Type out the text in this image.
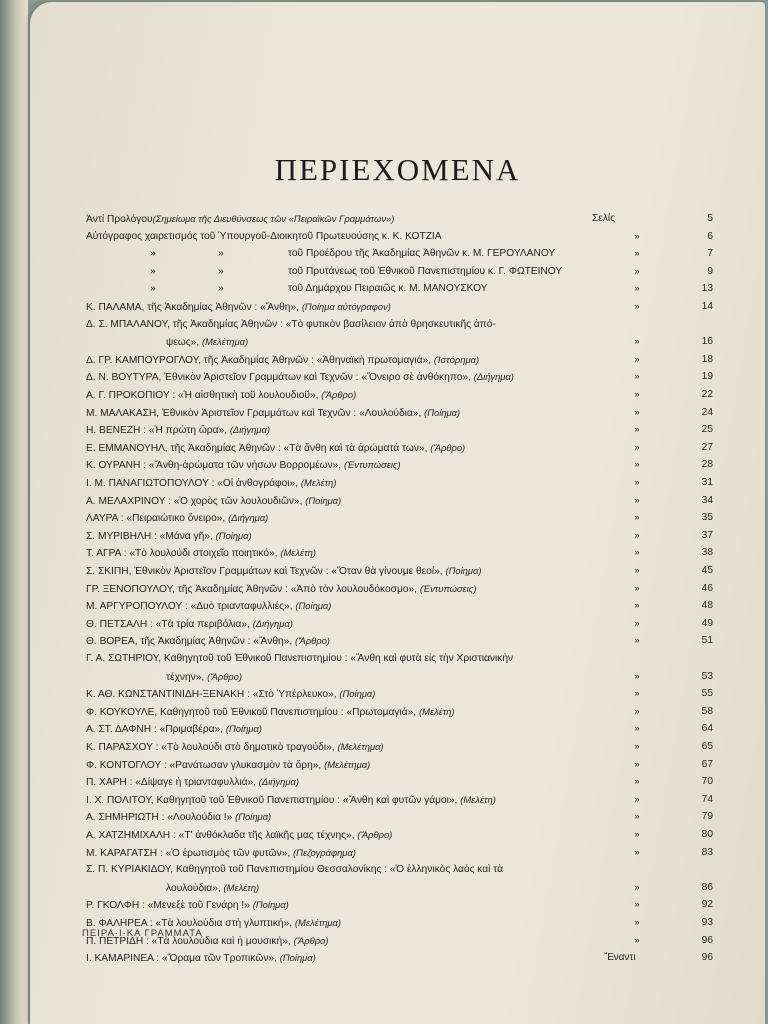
ΠΕΡΙΕΧΟΜΕΝΑ
Σελίς
Ἀντί Προλόγου(Σημείωμα τῆς Διευθύνσεως τῶν «Πειραϊκῶν Γραμμάτων»)	5
Αὐτόγραφος χαιρετισμός τοῦ Ὑπουργοῦ-Διοικητοῦ Πρωτευούσης κ. Κ. ΚΟΤΖΙΑ	»	6
»	»	τοῦ Προέδρου τῆς Ἀκαδημίας Ἀθηνῶν κ. Μ. ΓΕΡΟΥΛΑΝΟΥ	»	7
»	»	τοῦ Πρυτάνεως τοῦ Ἐθνικοῦ Πανεπιστημίου κ. Γ. ΦΩΤΕΙΝΟΥ	»	9
»	»	τοῦ Δημάρχου Πειραιῶς κ. Μ. ΜΑΝΟΥΣΚΟΥ	»	13
Κ. ΠΑΛΑΜΑ, τῆς Ἀκαδημίας Ἀθηνῶν : «Ἄνθη», (Ποίημα αὐτόγραφον)	»	14
Δ. Σ. ΜΠΑΛΑΝΟΥ, τῆς Ἀκαδημίας Ἀθηνῶν : «Τὸ φυτικὸν βασίλειον ἀπὸ θρησκευτικῆς ἀπό-
ψεως», (Μελέτημα)	»	16
Δ. ΓΡ. ΚΑΜΠΟΥΡΟΓΛΟΥ, τῆς Ἀκαδημίας Ἀθηνῶν : «Ἀθηναϊκὴ πρωτομαγιά», (Ἱστόρημα)	»	18
Δ. Ν. ΒΟΥΤΥΡΑ, Ἐθνικὸν Ἀριστεῖον Γραμμάτων καὶ Τεχνῶν : «Ὄνειρο σὲ ἀνθόκηπο», (Διήγημα)	»	19
Α. Γ. ΠΡΟΚΟΠΙΟΥ : «Ἡ αἰσθητικὴ τοῦ λουλουδιοῦ», (Ἄρθρο)	»	22
Μ. ΜΑΛΑΚΑΣΗ, Ἐθνικὸν Ἀριστεῖον Γραμμάτων καὶ Τεχνῶν : «Λουλούδια», (Ποίημα)	»	24
Η. ΒΕΝΕΖΗ : «Ἡ πρώτη ὥρα», (Διήγημα)	»	25
Ε. ΕΜΜΑΝΟΥΗΛ, τῆς Ἀκαδημίας Ἀθηνῶν : «Τὰ ἄνθη καὶ τὰ ἀρώματά των», (Ἄρθρο)	»	27
Κ. ΟΥΡΑΝΗ : «Ἄνθη-ἀρώματα τῶν νήσων Βορρομέων», (Ἐντυπώσεις)	»	28
Ι. Μ. ΠΑΝΑΓΙΩΤΟΠΟΥΛΟΥ : «Οἱ ἀνθογράφοι», (Μελέτη)	»	31
Α. ΜΕΛΑΧΡΙΝΟΥ : «Ὁ χορὸς τῶν λουλουδιῶν», (Ποίημα)	»	34
ΛΑΥΡΑ : «Πειραιώτικο ὄνειρο», (Διήγημα)	»	35
Σ. ΜΥΡΙΒΗΛΗ : «Μάνα γῆ», (Ποίημα)	»	37
Τ. ΑΓΡΑ : «Τὸ λουλούδι στοιχεῖο ποιητικό», (Μελέτη)	»	38
Σ. ΣΚΙΠΗ, Ἐθνικὸν Ἀριστεῖον Γραμμάτων καὶ Τεχνῶν : «Ὅταν θὰ γίνουμε θεοί», (Ποίημα)	»	45
ΓΡ. ΞΕΝΟΠΟΥΛΟΥ, τῆς Ἀκαδημίας Ἀθηνῶν : «Ἀπὸ τὸν λουλουδόκοσμο», (Ἐντυπώσεις)	»	46
Μ. ΑΡΓΥΡΟΠΟΥΛΟΥ : «Δυὸ τριανταφυλλιές», (Ποίημα)	»	48
Θ. ΠΕΤΣΑΛΗ : «Τὰ τρία περιβόλια», (Διήγημα)	»	49
Θ. ΒΟΡΕΑ, τῆς Ἀκαδημίας Ἀθηνῶν : «Ἄνθη», (Ἄρθρο)	»	51
Γ. Α. ΣΩΤΗΡΙΟΥ, Καθηγητοῦ τοῦ Ἐθνικοῦ Πανεπιστημίου : «Ἄνθη καὶ φυτὰ εἰς τὴν Χριστιανικὴν
τέχνην», (Ἄρθρο)	»	53
Κ. ΑΘ. ΚΩΝΣΤΑΝΤΙΝΙΔΗ-ΞΕΝΑΚΗ : «Στὸ Ὑπέρλευκο», (Ποίημα)	»	55
Φ. ΚΟΥΚΟΥΛΕ, Καθηγητοῦ τοῦ Ἐθνικοῦ Πανεπιστημίου : «Πρωτομαγιά», (Μελέτη)	»	58
Α. ΣΤ. ΔΑΦΝΗ : «Πριμαβέρα», (Ποίημα)	»	64
Κ. ΠΑΡΑΣΧΟΥ : «Τὸ λουλούδι στὸ δημοτικὸ τραγούδι», (Μελέτημα)	»	65
Φ. ΚΟΝΤΟΓΛΟΥ : «Ρανάτωσαν γλυκασμὸν τὰ ὄρη», (Μελέτημα)	»	67
Π. ΧΑΡΗ : «Δίψαγε ἡ τριανταφυλλιά», (Διήγημα)	»	70
Ι. Χ. ΠΟΛΙΤΟΥ, Καθηγητοῦ τοῦ Ἐθνικοῦ Πανεπιστημίου : «Ἄνθη καὶ φυτῶν γάμοι», (Μελέτη)	»	74
Α. ΣΗΜΗΡΙΩΤΗ : «Λουλούδια !» (Ποίημα)	»	79
Α. ΧΑΤΖΗΜΙΧΑΛΗ : «Τ' ἀνθόκλαδα τῆς λαϊκῆς μας τέχνης», (Ἄρθρο)	»	80
Μ. ΚΑΡΑΓΑΤΣΗ : «Ὁ ἐρωτισμὸς τῶν φυτῶν», (Πεζογράφημα)	»	83
Σ. Π. ΚΥΡΙΑΚΙΔΟΥ, Καθηγητοῦ τοῦ Πανεπιστημίου Θεσσαλονίκης : «Ὁ ἑλληνικὸς λαὸς καὶ τὰ
λουλούδια», (Μελέτη)	»	86
Ρ. ΓΚΟΛΦΗ : «Μενεξὲ τοῦ Γενάρη !» (Ποίημα)	»	92
Β. ΦΑΛΗΡΕΑ : «Τὰ λουλούδια στὴ γλυπτική», (Μελέτημα)	»	93
Π. ΠΕΤΡΙΔΗ : «Τὰ λουλούδια καὶ ἡ μουσική», (Ἄρθρο)	»	96
Ι. ΚΑΜΑΡΙΝΕΑ : «Ὅραμα τῶν Τροπικῶν», (Ποίημα)	Ἔναντι	96
ΠΕΙΡΑ·Ι·ΚΑ ΓΡΑΜΜΑΤΑ
